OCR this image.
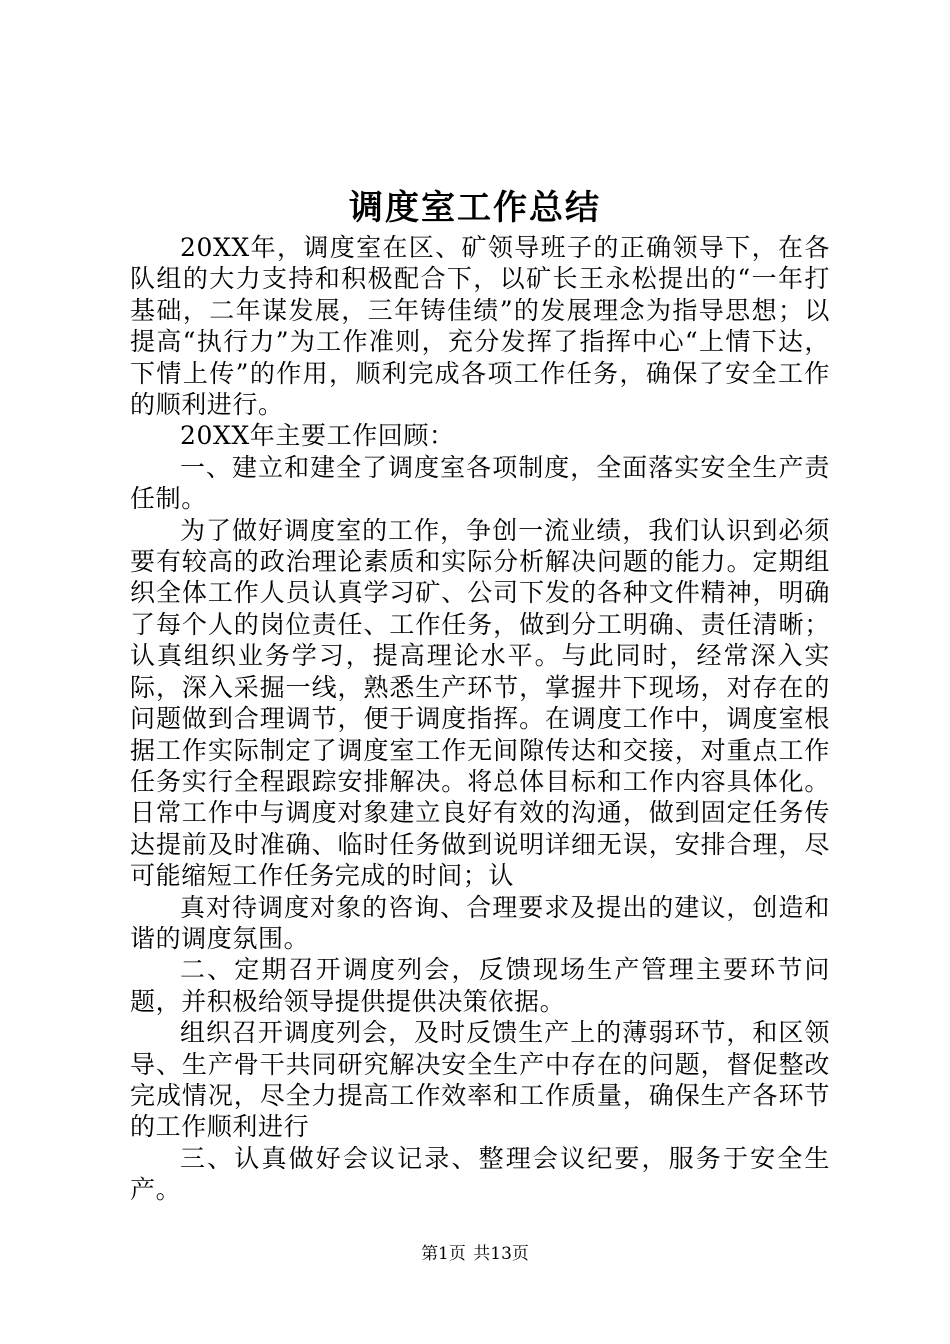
调度室工作总结

20XX年，调度室在区、矿领导班子的正确领导下，在各队组的大力支持和积极配合下，以矿长王永松提出的“一年打基础，二年谋发展，三年铸佳绩”的发展理念为指导思想；以提高“执行力”为工作准则，充分发挥了指挥中心“上情下达，下情上传”的作用，顺利完成各项工作任务，确保了安全工作的顺利进行。

20XX年主要工作回顾：

一、建立和建全了调度室各项制度，全面落实安全生产责任制。

为了做好调度室的工作，争创一流业绩，我们认识到必须要有较高的政治理论素质和实际分析解决问题的能力。定期组织全体工作人员认真学习矿、公司下发的各种文件精神，明确了每个人的岗位责任、工作任务，做到分工明确、责任清晰；认真组织业务学习，提高理论水平。与此同时，经常深入实际，深入采掘一线，熟悉生产环节，掌握井下现场，对存在的问题做到合理调节，便于调度指挥。在调度工作中，调度室根据工作实际制定了调度室工作无间隙传达和交接，对重点工作任务实行全程跟踪安排解决。将总体目标和工作内容具体化。日常工作中与调度对象建立良好有效的沟通，做到固定任务传达提前及时准确、临时任务做到说明详细无误，安排合理，尽可能缩短工作任务完成的时间；认

真对待调度对象的咨询、合理要求及提出的建议，创造和谐的调度氛围。

二、定期召开调度列会，反馈现场生产管理主要环节问题，并积极给领导提供提供决策依据。

组织召开调度列会，及时反馈生产上的薄弱环节，和区领导、生产骨干共同研究解决安全生产中存在的问题，督促整改完成情况，尽全力提高工作效率和工作质量，确保生产各环节的工作顺利进行

三、认真做好会议记录、整理会议纪要，服务于安全生产。

第1页 共13页
